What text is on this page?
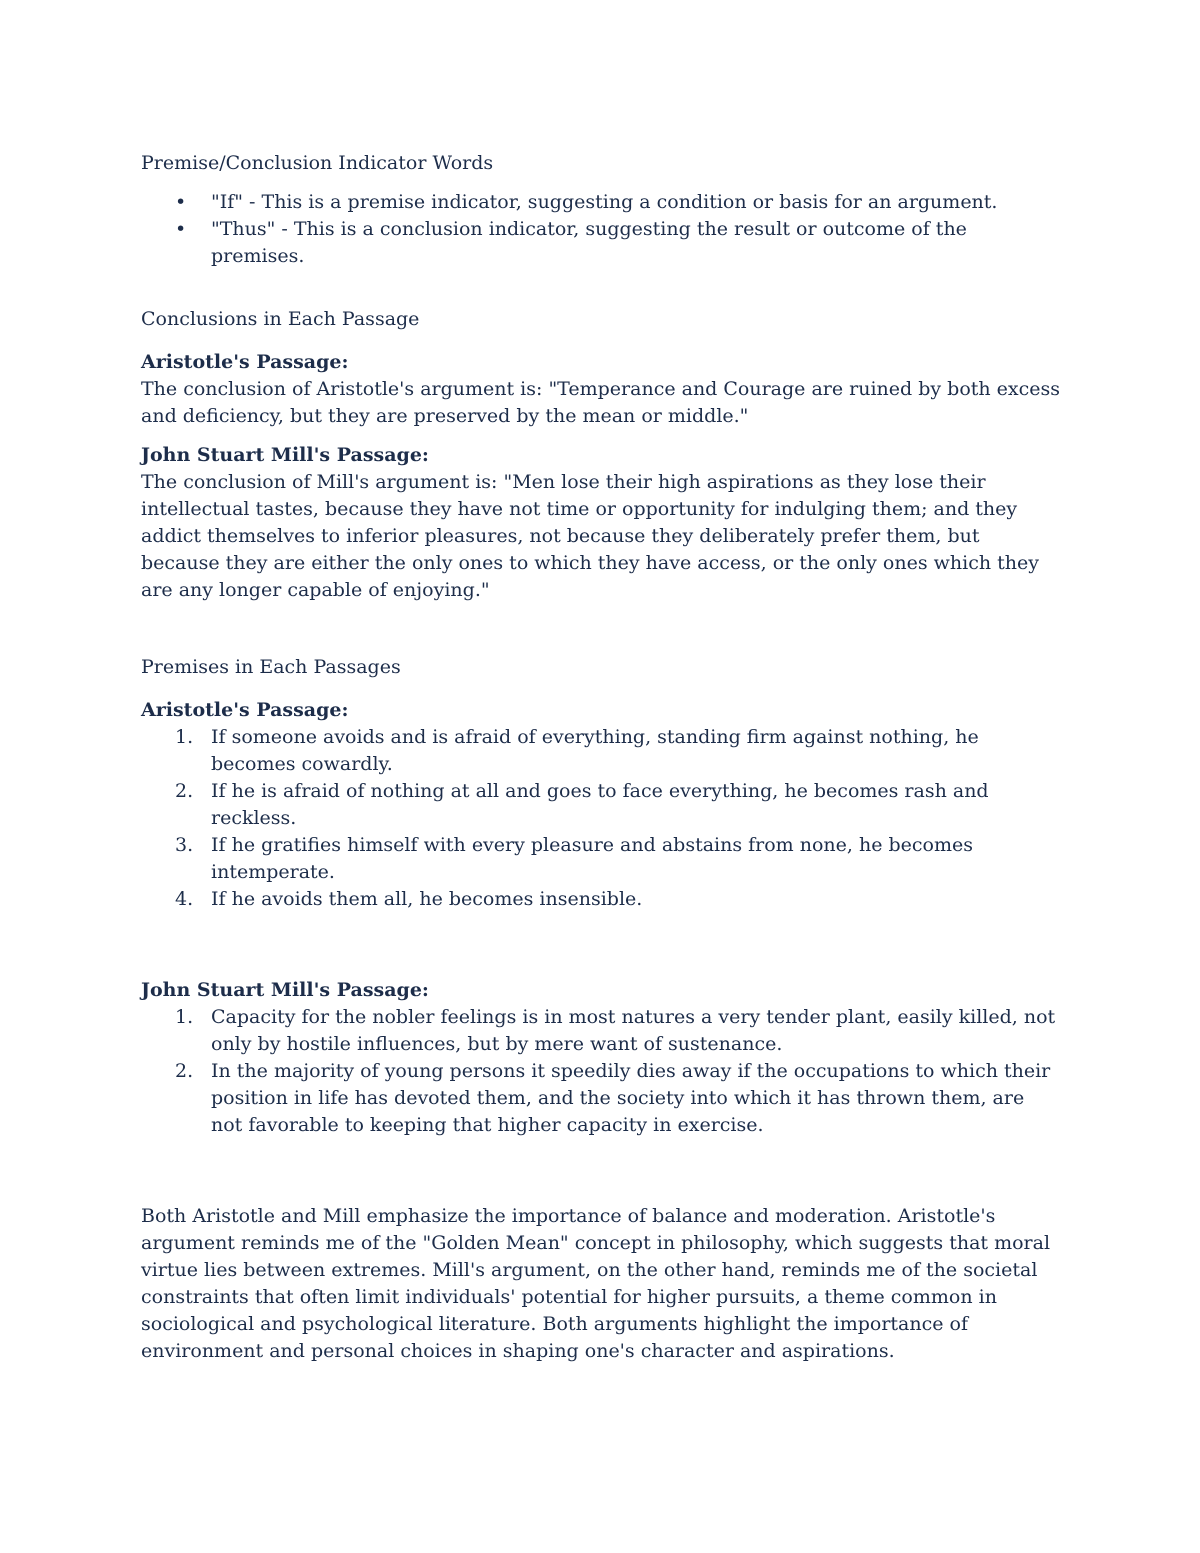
Premise/Conclusion Indicator Words

• "If" - This is a premise indicator, suggesting a condition or basis for an argument.
• "Thus" - This is a conclusion indicator, suggesting the result or outcome of the premises.

Conclusions in Each Passage

Aristotle's Passage:

The conclusion of Aristotle's argument is: "Temperance and Courage are ruined by both excess and deficiency, but they are preserved by the mean or middle."

John Stuart Mill's Passage:

The conclusion of Mill's argument is: "Men lose their high aspirations as they lose their intellectual tastes, because they have not time or opportunity for indulging them; and they addict themselves to inferior pleasures, not because they deliberately prefer them, but because they are either the only ones to which they have access, or the only ones which they are any longer capable of enjoying."

Premises in Each Passages

Aristotle's Passage:

1. If someone avoids and is afraid of everything, standing firm against nothing, he becomes cowardly.
2. If he is afraid of nothing at all and goes to face everything, he becomes rash and reckless.
3. If he gratifies himself with every pleasure and abstains from none, he becomes intemperate.
4. If he avoids them all, he becomes insensible.

John Stuart Mill's Passage:

1. Capacity for the nobler feelings is in most natures a very tender plant, easily killed, not only by hostile influences, but by mere want of sustenance.
2. In the majority of young persons it speedily dies away if the occupations to which their position in life has devoted them, and the society into which it has thrown them, are not favorable to keeping that higher capacity in exercise.

Both Aristotle and Mill emphasize the importance of balance and moderation. Aristotle's argument reminds me of the "Golden Mean" concept in philosophy, which suggests that moral virtue lies between extremes. Mill's argument, on the other hand, reminds me of the societal constraints that often limit individuals' potential for higher pursuits, a theme common in sociological and psychological literature. Both arguments highlight the importance of environment and personal choices in shaping one's character and aspirations.
